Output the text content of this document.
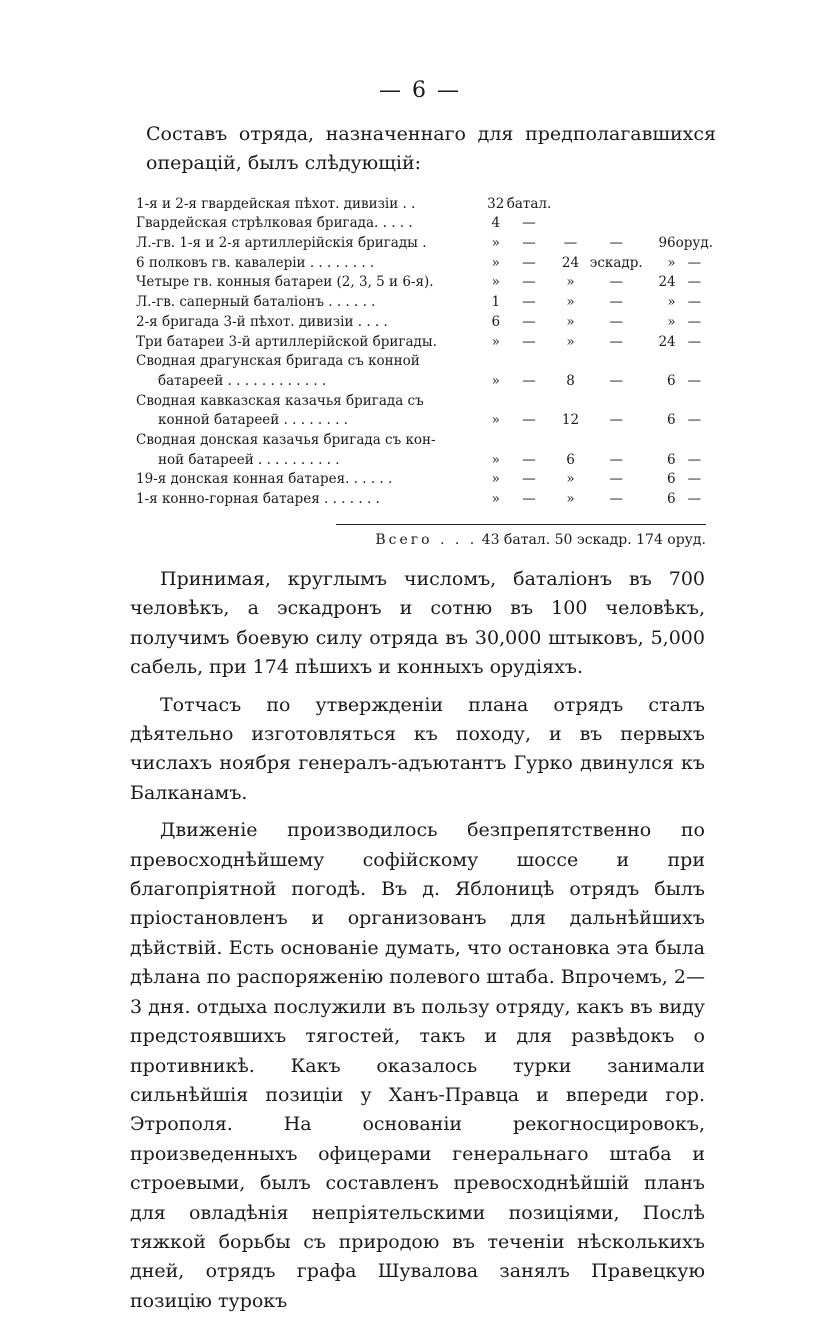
— 6 —

Составъ отряда, назначеннаго для предполагавшихся операцій, былъ слѣдующій:

1-я и 2-я гвардейская пѣхот. дивизіи . .	32	батал.				
Гвардейская стрѣлковая бригада. . . . .	4	—				
Л.-гв. 1-я и 2-я артиллерійскія бригады .	»	—	—	—	96	оруд.
6 полковъ гв. кавалеріи . . . . . . . .	»	—	24	эскадр.	»	—
Четыре гв. конныя батареи (2, 3, 5 и 6-я).	»	—	»	—	24	—
Л.-гв. саперный баталіонъ . . . . . .	1	—	»	—	»	—
2-я бригада 3-й пѣхот. дивизіи . . . .	6	—	»	—	»	—
Три батареи 3-й артиллерійской бригады.	»	—	»	—	24	—
Сводная драгунская бригада съ конной						
батареей . . . . . . . . . . . .	»	—	8	—	6	—
Сводная кавказская казачья бригада съ						
конной батареей . . . . . . . .	»	—	12	—	6	—
Сводная донская казачья бригада съ кон-						
ной батареей . . . . . . . . . .	»	—	6	—	6	—
19-я донская конная батарея. . . . . .	»	—	»	—	6	—
1-я конно-горная батарея . . . . . . .	»	—	»	—	6	—
Всего . . . 43 батал. 50 эскадр. 174 оруд.

Принимая, круглымъ числомъ, баталіонъ въ 700 человѣкъ, а эскадронъ и сотню въ 100 человѣкъ, получимъ боевую силу отряда въ 30,000 штыковъ, 5,000 сабель, при 174 пѣшихъ и конныхъ орудіяхъ.

Тотчасъ по утвержденіи плана отрядъ сталъ дѣятельно изготовляться къ походу, и въ первыхъ числахъ ноября генералъ-адъютантъ Гурко двинулся къ Балканамъ.

Движеніе производилось безпрепятственно по превосходнѣйшему софійскому шоссе и при благопріятной погодѣ. Въ д. Яблоницѣ отрядъ былъ пріостановленъ и организованъ для дальнѣйшихъ дѣйствій. Есть основаніе думать, что остановка эта была дѣлана по распоряженію полевого штаба. Впрочемъ, 2—3 дня. отдыха послужили въ пользу отряду, какъ въ виду предстоявшихъ тягостей, такъ и для развѣдокъ о противникѣ. Какъ оказалось турки занимали сильнѣйшія позиціи у Ханъ-Правца и впереди гор. Этрополя. На основаніи рекогносцировокъ, произведенныхъ офицерами генеральнаго штаба и строевыми, былъ составленъ превосходнѣйшій планъ для овладѣнія непріятельскими позиціями, Послѣ тяжкой борьбы съ природою въ теченіи нѣсколькихъ дней, отрядъ графа Шувалова занялъ Правецкую позицію турокъ
